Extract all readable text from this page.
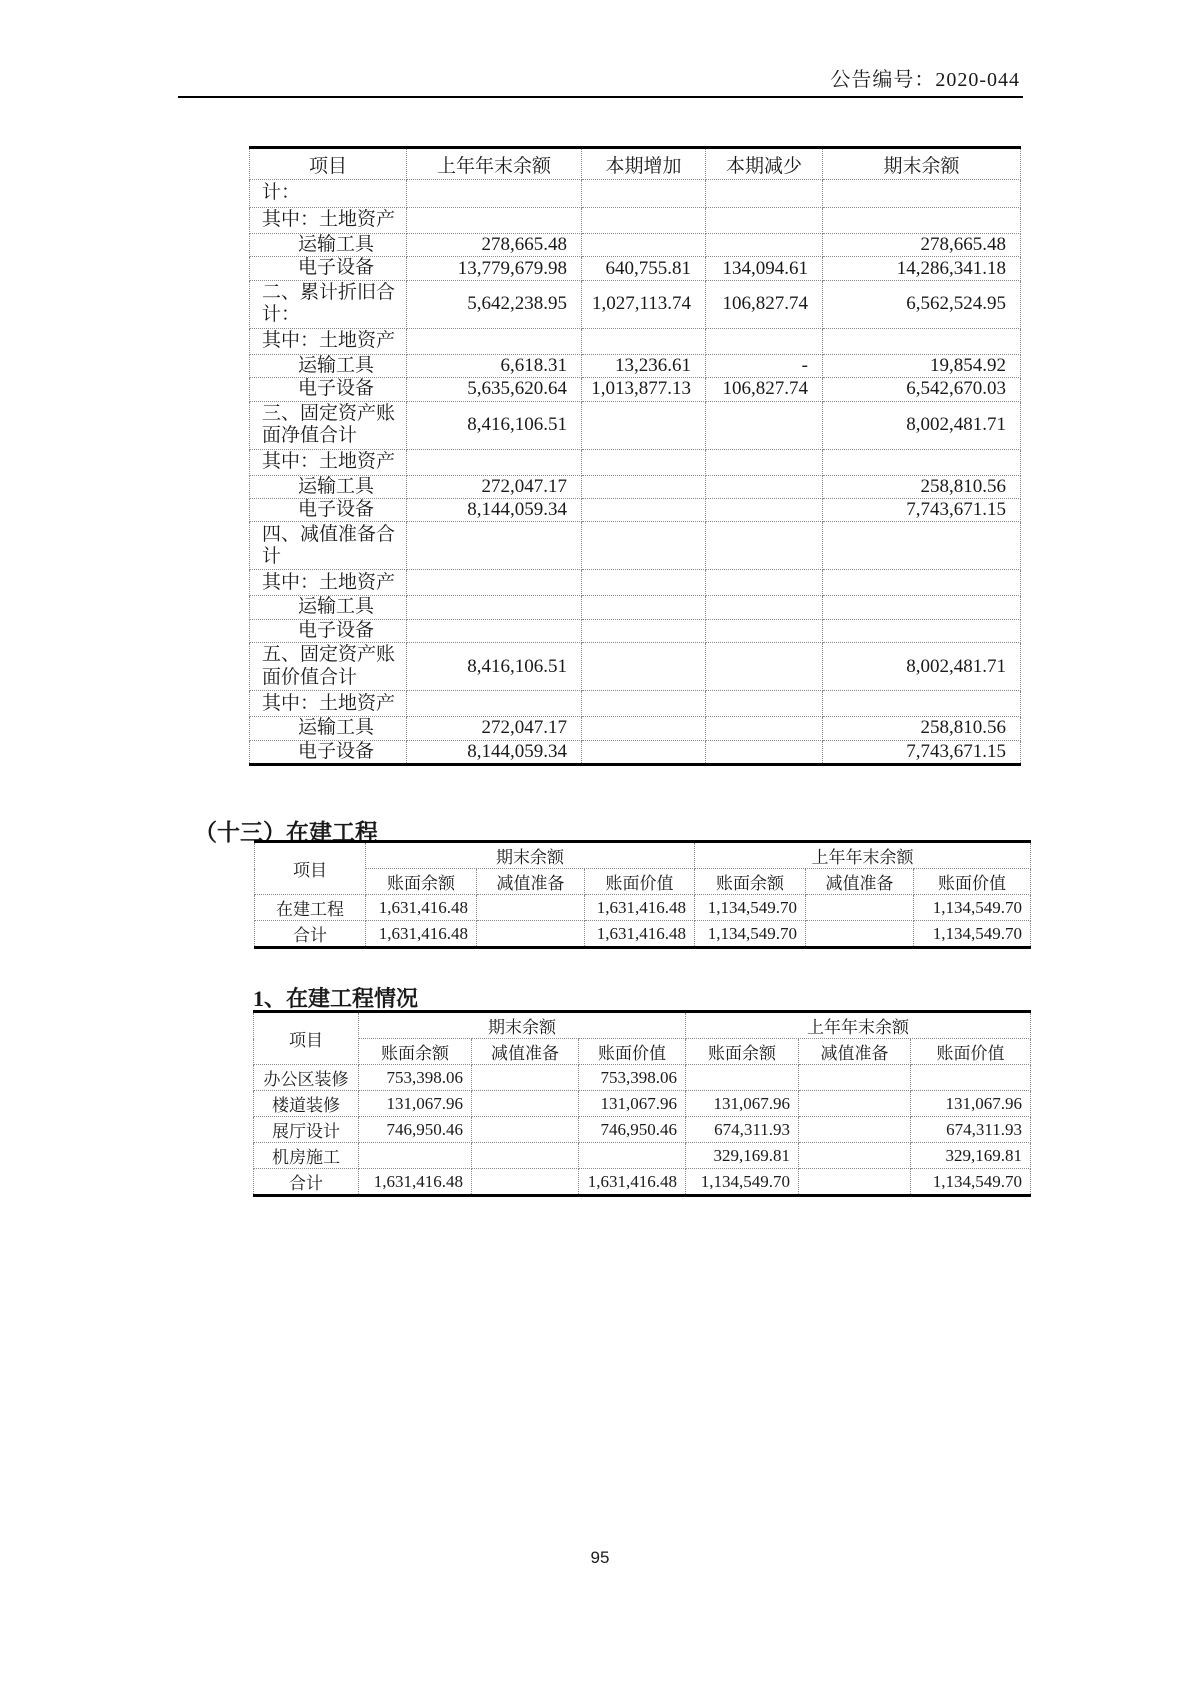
公告编号：2020-044
项目	上年年末余额	本期增加	本期减少	期末余额
计：				
其中：土地资产				
运输工具	278,665.48			278,665.48
电子设备	13,779,679.98	640,755.81	134,094.61	14,286,341.18
二、累计折旧合计：	5,642,238.95	1,027,113.74	106,827.74	6,562,524.95
其中：土地资产				
运输工具	6,618.31	13,236.61	-	19,854.92
电子设备	5,635,620.64	1,013,877.13	106,827.74	6,542,670.03
三、固定资产账面净值合计	8,416,106.51			8,002,481.71
其中：土地资产				
运输工具	272,047.17			258,810.56
电子设备	8,144,059.34			7,743,671.15
四、减值准备合计				
其中：土地资产				
运输工具				
电子设备				
五、固定资产账面价值合计	8,416,106.51			8,002,481.71
其中：土地资产				
运输工具	272,047.17			258,810.56
电子设备	8,144,059.34			7,743,671.15
（十三）在建工程
项目	期末余额			上年年末余额		
	账面余额	减值准备	账面价值	账面余额	减值准备	账面价值
在建工程	1,631,416.48		1,631,416.48	1,134,549.70		1,134,549.70
合计	1,631,416.48		1,631,416.48	1,134,549.70		1,134,549.70
1、在建工程情况
项目	期末余额			上年年末余额		
	账面余额	减值准备	账面价值	账面余额	减值准备	账面价值
办公区装修	753,398.06		753,398.06			
楼道装修	131,067.96		131,067.96	131,067.96		131,067.96
展厅设计	746,950.46		746,950.46	674,311.93		674,311.93
机房施工				329,169.81		329,169.81
合计	1,631,416.48		1,631,416.48	1,134,549.70		1,134,549.70
95
